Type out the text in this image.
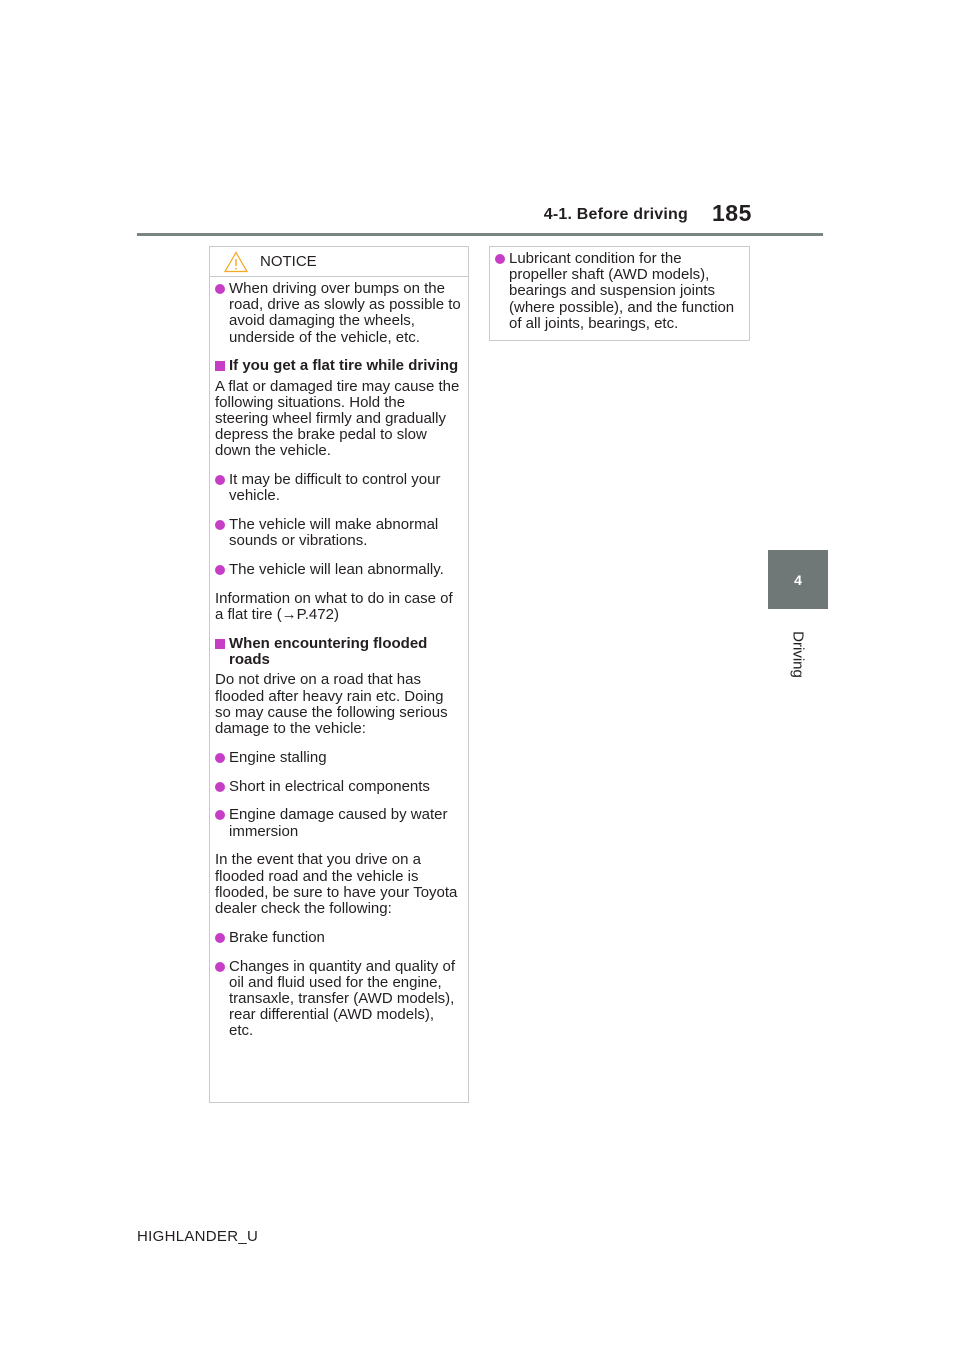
4-1. Before driving 185
4
Driving
NOTICE
When driving over bumps on the road, drive as slowly as possible to avoid damaging the wheels, underside of the vehicle, etc.
If you get a flat tire while driving
A flat or damaged tire may cause the following situations. Hold the steering wheel firmly and gradually depress the brake pedal to slow down the vehicle.
It may be difficult to control your vehicle.
The vehicle will make abnormal sounds or vibrations.
The vehicle will lean abnormally.
Information on what to do in case of a flat tire (→P.472)
When encountering flooded roads
Do not drive on a road that has flooded after heavy rain etc. Doing so may cause the following serious damage to the vehicle:
Engine stalling
Short in electrical components
Engine damage caused by water immersion
In the event that you drive on a flooded road and the vehicle is flooded, be sure to have your Toyota dealer check the following:
Brake function
Changes in quantity and quality of oil and fluid used for the engine, transaxle, transfer (AWD models), rear differential (AWD models), etc.
Lubricant condition for the propeller shaft (AWD models), bearings and suspension joints (where possible), and the function of all joints, bearings, etc.
HIGHLANDER_U
